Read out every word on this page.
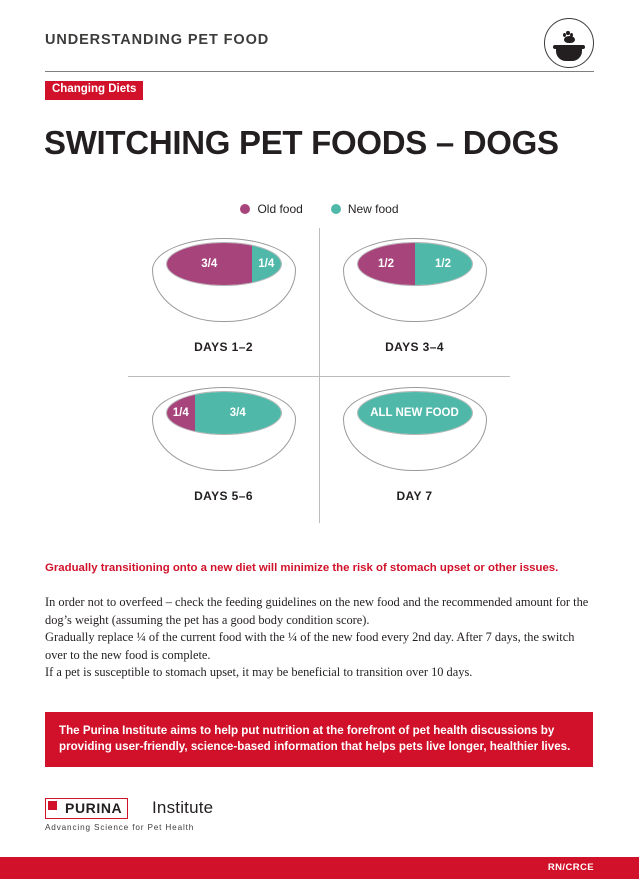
UNDERSTANDING PET FOOD
Changing Diets
SWITCHING PET FOODS – DOGS
Old food	New food
3/4	1/4
DAYS 1–2
1/2	1/2
DAYS 3–4
1/4	3/4
DAYS 5–6
ALL NEW FOOD
DAY 7
Gradually transitioning onto a new diet will minimize the risk of stomach upset or other issues.
In order not to overfeed – check the feeding guidelines on the new food and the recommended amount for the dog’s weight (assuming the pet has a good body condition score).
Gradually replace ¼ of the current food with the ¼ of the new food every 2nd day. After 7 days, the switch over to the new food is complete.
If a pet is susceptible to stomach upset, it may be beneficial to transition over 10 days.
The Purina Institute aims to help put nutrition at the forefront of pet health discussions by providing user-friendly, science-based information that helps pets live longer, healthier lives.
PURINA	Institute
Advancing Science for Pet Health
RN/CRCE
